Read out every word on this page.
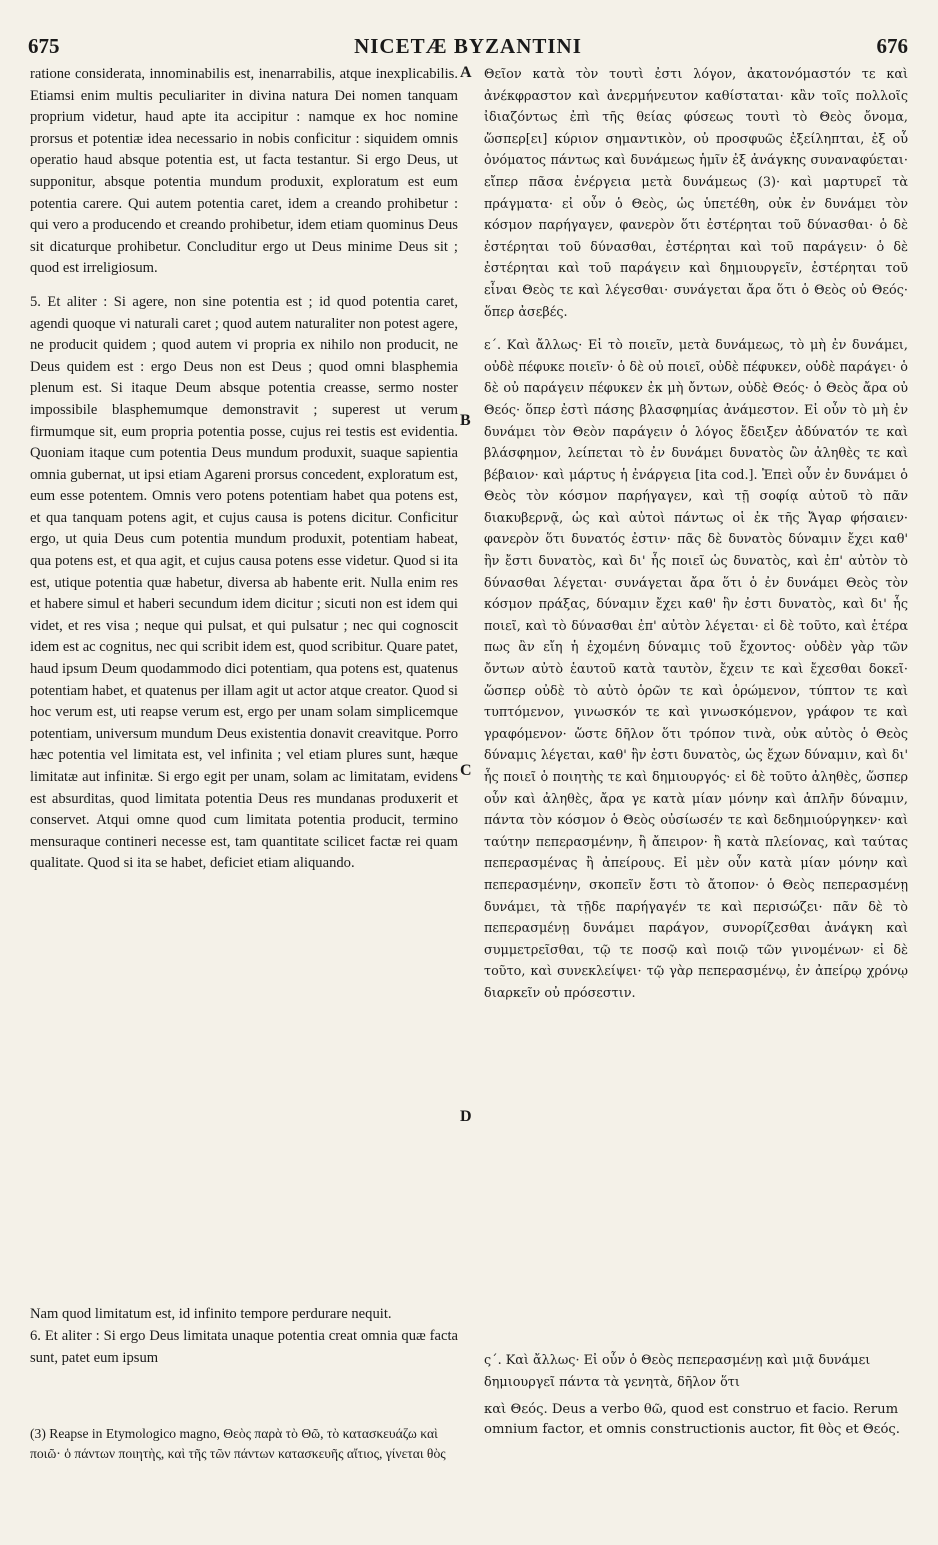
675	NICETÆ BYZANTINI	676
A
B
C
D

ratione considerata, innominabilis est, inenarrabilis, atque inexplicabilis. Etiamsi enim multis peculiariter in divina natura Dei nomen tanquam proprium videtur, haud apte ita accipitur : namque ex hoc nomine prorsus et potentiæ idea necessario in nobis conficitur : siquidem omnis operatio haud absque potentia est, ut facta testantur. Si ergo Deus, ut supponitur, absque potentia mundum produxit, exploratum est eum potentia carere. Qui autem potentia caret, idem a creando prohibetur : qui vero a producendo et creando prohibetur, idem etiam quominus Deus sit dicaturque prohibetur. Concluditur ergo ut Deus minime Deus sit ; quod est irreligiosum.

5. Et aliter : Si agere, non sine potentia est ; id quod potentia caret, agendi quoque vi naturali caret ; quod autem naturaliter non potest agere, ne producit quidem ; quod autem vi propria ex nihilo non producit, ne Deus quidem est : ergo Deus non est Deus ; quod omni blasphemia plenum est. Si itaque Deum absque potentia creasse, sermo noster impossibile blasphemumque demonstravit ; superest ut verum firmumque sit, eum propria potentia posse, cujus rei testis est evidentia. Quoniam itaque cum potentia Deus mundum produxit, suaque sapientia omnia gubernat, ut ipsi etiam Agareni prorsus concedent, exploratum est, eum esse potentem. Omnis vero potens potentiam habet qua potens est, et qua tanquam potens agit, et cujus causa is potens dicitur. Conficitur ergo, ut quia Deus cum potentia mundum produxit, potentiam habeat, qua potens est, et qua agit, et cujus causa potens esse videtur. Quod si ita est, utique potentia quæ habetur, diversa ab habente erit. Nulla enim res et habere simul et haberi secundum idem dicitur ; sicuti non est idem qui videt, et res visa ; neque qui pulsat, et qui pulsatur ; nec qui cognoscit idem est ac cognitus, nec qui scribit idem est, quod scribitur. Quare patet, haud ipsum Deum quodammodo dici potentiam, qua potens est, quatenus potentiam habet, et quatenus per illam agit ut actor atque creator. Quod si hoc verum est, uti reapse verum est, ergo per unam solam simplicemque potentiam, universum mundum Deus existentia donavit creavitque. Porro hæc potentia vel limitata est, vel infinita ; vel etiam plures sunt, hæque limitatæ aut infinitæ. Si ergo egit per unam, solam ac limitatam, evidens est absurditas, quod limitata potentia Deus res mundanas produxerit et conservet. Atqui omne quod cum limitata potentia producit, termino mensuraque contineri necesse est, tam quantitate scilicet factæ rei quam qualitate. Quod si ita se habet, deficiet etiam aliquando.

Θεῖον κατὰ τὸν τουτὶ ἐστι λόγον, ἀκατονόμαστόν τε καὶ ἀνέκφραστον καὶ ἀνερμήνευτον καθίσταται· κἂν τοῖς πολλοῖς ἰδιαζόντως ἐπὶ τῆς θείας φύσεως τουτὶ τὸ Θεὸς ὄνομα, ὥσπερ[ει] κύριον σημαντικὸν, οὐ προσφυῶς ἐξείληπται, ἐξ οὗ ὀνόματος πάντως καὶ δυνάμεως ἡμῖν ἐξ ἀνάγκης συναναφύεται· εἴπερ πᾶσα ἐνέργεια μετὰ δυνάμεως (3)· καὶ μαρτυρεῖ τὰ πράγματα· εἰ οὖν ὁ Θεὸς, ὡς ὑπετέθη, οὐκ ἐν δυνάμει τὸν κόσμον παρήγαγεν, φανερὸν ὅτι ἐστέρηται τοῦ δύνασθαι· ὁ δὲ ἐστέρηται τοῦ δύνασθαι, ἐστέρηται καὶ τοῦ παράγειν· ὁ δὲ ἐστέρηται καὶ τοῦ παράγειν καὶ δημιουργεῖν, ἐστέρηται τοῦ εἶναι Θεὸς τε καὶ λέγεσθαι· συνάγεται ἄρα ὅτι ὁ Θεὸς οὐ Θεός· ὅπερ ἀσεβές.

ε΄. Καὶ ἄλλως· Εἰ τὸ ποιεῖν, μετὰ δυνάμεως, τὸ μὴ ἐν δυνάμει, οὐδὲ πέφυκε ποιεῖν· ὁ δὲ οὐ ποιεῖ, οὐδὲ πέφυκεν, οὐδὲ παράγει· ὁ δὲ οὐ παράγειν πέφυκεν ἐκ μὴ ὄντων, οὐδὲ Θεός· ὁ Θεὸς ἄρα οὐ Θεός· ὅπερ ἐστὶ πάσης βλασφημίας ἀνάμεστον. Εἰ οὖν τὸ μὴ ἐν δυνάμει τὸν Θεὸν παράγειν ὁ λόγος ἔδειξεν ἀδύνατόν τε καὶ βλάσφημον, λείπεται τὸ ἐν δυνάμει δυνατὸς ὢν ἀληθὲς τε καὶ βέβαιον· καὶ μάρτυς ἡ ἐνάργεια [ita cod.]. Ἐπεὶ οὖν ἐν δυνάμει ὁ Θεὸς τὸν κόσμον παρήγαγεν, καὶ τῇ σοφίᾳ αὐτοῦ τὸ πᾶν διακυβερνᾷ, ὡς καὶ αὐτοὶ πάντως οἱ ἐκ τῆς Ἄγαρ φήσαιεν· φανερὸν ὅτι δυνατός ἐστιν· πᾶς δὲ δυνατὸς δύναμιν ἔχει καθ' ἣν ἔστι δυνατὸς, καὶ δι' ἧς ποιεῖ ὡς δυνατὸς, καὶ ἐπ' αὐτὸν τὸ δύνασθαι λέγεται· συνάγεται ἄρα ὅτι ὁ ἐν δυνάμει Θεὸς τὸν κόσμον πράξας, δύναμιν ἔχει καθ' ἣν ἐστι δυνατὸς, καὶ δι' ἧς ποιεῖ, καὶ τὸ δύνασθαι ἐπ' αὐτὸν λέγεται· εἰ δὲ τοῦτο, καὶ ἑτέρα πως ἂν εἴη ἡ ἐχομένη δύναμις τοῦ ἔχοντος· οὐδὲν γὰρ τῶν ὄντων αὐτὸ ἑαυτοῦ κατὰ ταυτὸν, ἔχειν τε καὶ ἔχεσθαι δοκεῖ· ὥσπερ οὐδὲ τὸ αὐτὸ ὁρῶν τε καὶ ὁρώμενον, τύπτον τε καὶ τυπτόμενον, γινωσκόν τε καὶ γινωσκόμενον, γράφον τε καὶ γραφόμενον· ὥστε δῆλον ὅτι τρόπον τινὰ, οὐκ αὐτὸς ὁ Θεὸς δύναμις λέγεται, καθ' ἣν ἐστι δυνατὸς, ὡς ἔχων δύναμιν, καὶ δι' ἧς ποιεῖ ὁ ποιητὴς τε καὶ δημιουργός· εἰ δὲ τοῦτο ἀληθὲς, ὥσπερ οὖν καὶ ἀληθὲς, ἄρα γε κατὰ μίαν μόνην καὶ ἁπλῆν δύναμιν, πάντα τὸν κόσμον ὁ Θεὸς οὐσίωσέν τε καὶ δεδημιούργηκεν· καὶ ταύτην πεπερασμένην, ἢ ἄπειρον· ἢ κατὰ πλείονας, καὶ ταύτας πεπερασμένας ἢ ἀπείρους. Εἰ μὲν οὖν κατὰ μίαν μόνην καὶ πεπερασμένην, σκοπεῖν ἔστι τὸ ἄτοπον· ὁ Θεὸς πεπερασμένῃ δυνάμει, τὰ τῇδε παρήγαγέν τε καὶ περισώζει· πᾶν δὲ τὸ πεπερασμένῃ δυνάμει παράγον, συνορίζεσθαι ἀνάγκη καὶ συμμετρεῖσθαι, τῷ τε ποσῷ καὶ ποιῷ τῶν γινομένων· εἰ δὲ τοῦτο, καὶ συνεκλείψει· τῷ γὰρ πεπερασμένῳ, ἐν ἀπείρῳ χρόνῳ διαρκεῖν οὐ πρόσεστιν.

Nam quod limitatum est, id infinito tempore perdurare nequit.

6. Et aliter : Si ergo Deus limitata unaque potentia creat omnia quæ facta sunt, patet eum ipsum	ς΄. Καὶ ἄλλως· Εἰ οὖν ὁ Θεὸς πεπερασμένῃ καὶ μιᾷ δυνάμει δημιουργεῖ πάντα τὰ γενητὰ, δῆλον ὅτι

(3) Reapse in Etymologico magno, Θεὸς παρὰ τὸ Θῶ, τὸ κατασκευάζω καὶ ποιῶ· ὁ πάντων ποιητὴς, καὶ τῆς τῶν πάντων κατασκευῆς αἴτιος, γίνεται θὸς

καὶ Θεός. Deus a verbo θῶ, quod est construo et facio. Rerum omnium factor, et omnis constructionis auctor, fit θὸς et Θεός.
